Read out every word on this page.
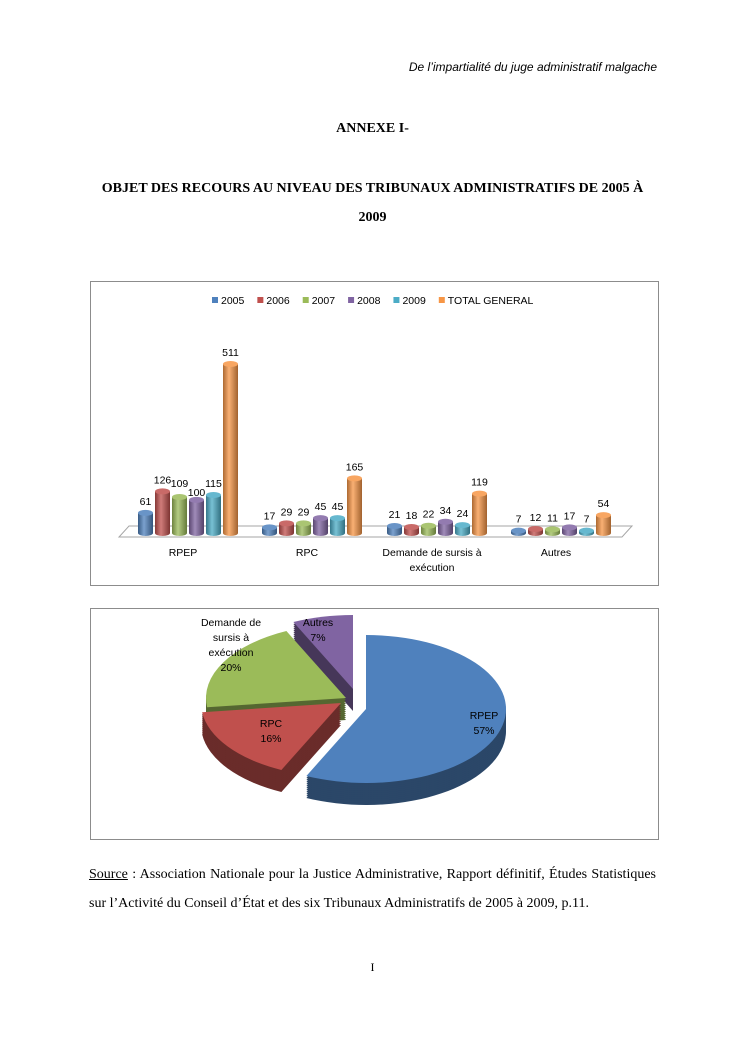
De l’impartialité du juge administratif malgache
ANNEXE I-
OBJET DES RECOURS AU NIVEAU DES TRIBUNAUX ADMINISTRATIFS DE 2005 À 2009
2005 2006 2007 2008 2009 TOTAL GENERAL
61
126 109
100
115
511
RPEP
17 29 29 45 45
165
RPC
21 18 22 34 24
119
Demande de sursis à
exécution
7 12 11 17 7
54
Autres
RPEP
57%
RPC
16%
Demande de
sursis à
exécution
20%
Autres
7%
Source : Association Nationale pour la Justice Administrative, Rapport définitif, Études Statistiques sur l’Activité du Conseil d’État et des six Tribunaux Administratifs de 2005 à 2009, p.11.
I
